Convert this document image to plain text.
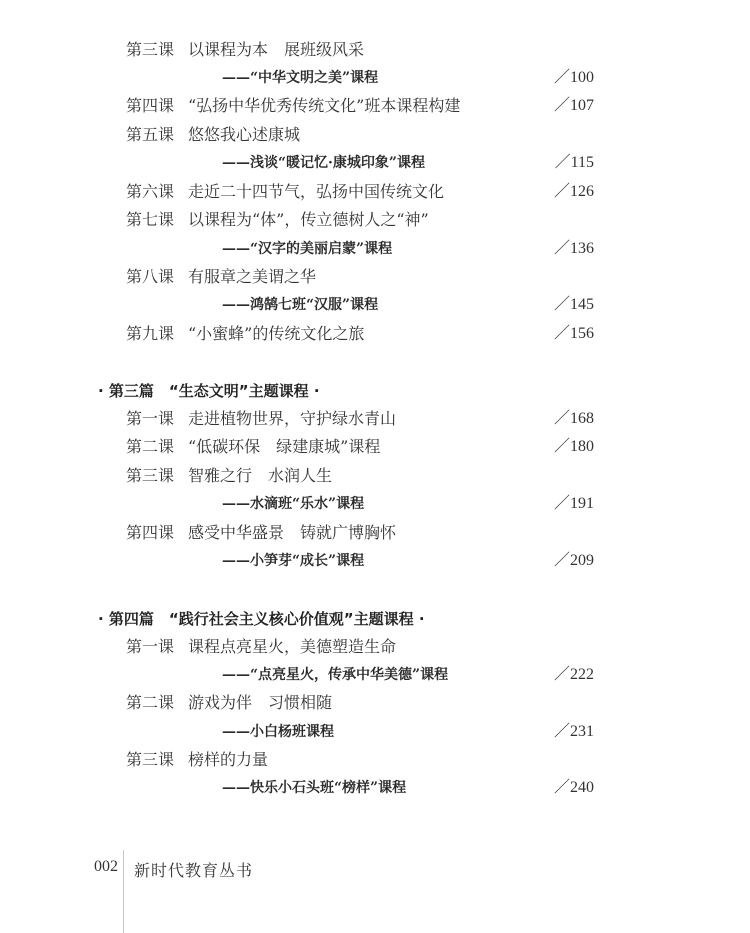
第三课 以课程为本　展班级风采
——“中华文明之美”课程	／100
第四课 “弘扬中华优秀传统文化”班本课程构建	／107
第五课 悠悠我心述康城
——浅谈“暖记忆·康城印象”课程	／115
第六课 走近二十四节气，弘扬中国传统文化	／126
第七课 以课程为“体”，传立德树人之“神”
——“汉字的美丽启蒙”课程	／136
第八课 有服章之美谓之华
——鸿鹄七班“汉服”课程	／145
第九课 “小蜜蜂”的传统文化之旅	／156
· 第三篇　“生态文明”主题课程 ·
第一课 走进植物世界，守护绿水青山	／168
第二课 “低碳环保　绿建康城”课程	／180
第三课 智雅之行　水润人生
——水滴班“乐水”课程	／191
第四课 感受中华盛景　铸就广博胸怀
——小笋芽“成长”课程	／209
· 第四篇　“践行社会主义核心价值观”主题课程 ·
第一课 课程点亮星火，美德塑造生命
——“点亮星火，传承中华美德”课程	／222
第二课 游戏为伴　习惯相随
——小白杨班课程	／231
第三课 榜样的力量
——快乐小石头班“榜样”课程	／240
002 新时代教育丛书
